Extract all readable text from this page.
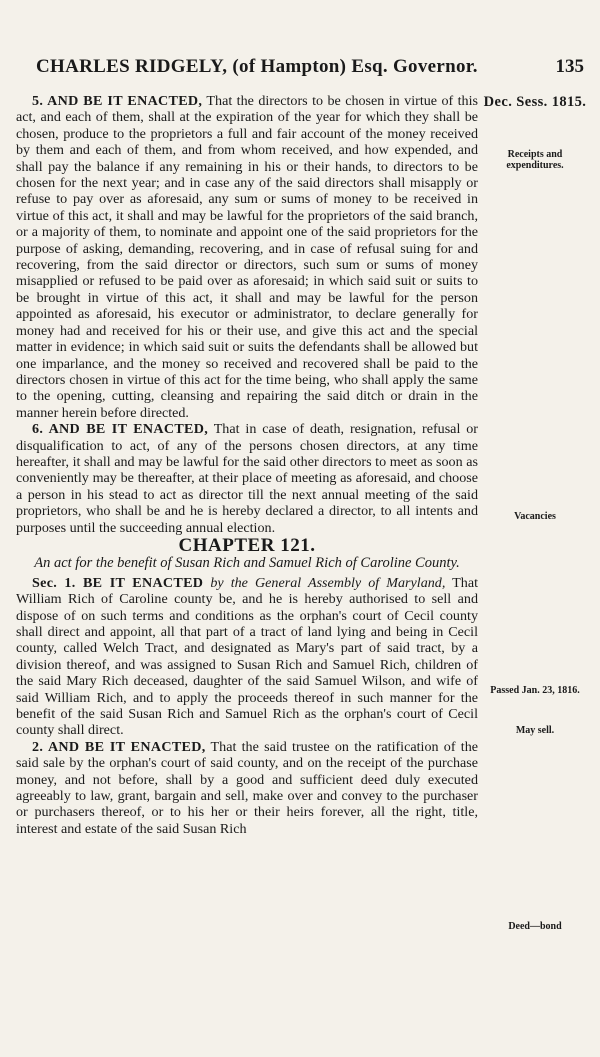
CHARLES RIDGELY, (of Hampton) Esq. Governor.	135

5. AND BE IT ENACTED, That the directors to be chosen in virtue of this act, and each of them, shall at the expiration of the year for which they shall be chosen, produce to the proprietors a full and fair account of the money received by them and each of them, and from whom received, and how expended, and shall pay the balance if any remaining in his or their hands, to directors to be chosen for the next year; and in case any of the said directors shall misapply or refuse to pay over as aforesaid, any sum or sums of money to be received in virtue of this act, it shall and may be lawful for the proprietors of the said branch, or a majority of them, to nominate and appoint one of the said proprietors for the purpose of asking, demanding, recovering, and in case of refusal suing for and recovering, from the said director or directors, such sum or sums of money misapplied or refused to be paid over as aforesaid; in which said suit or suits to be brought in virtue of this act, it shall and may be lawful for the person appointed as aforesaid, his executor or administrator, to declare generally for money had and received for his or their use, and give this act and the special matter in evidence; in which said suit or suits the defendants shall be allowed but one imparlance, and the money so received and recovered shall be paid to the directors chosen in virtue of this act for the time being, who shall apply the same to the opening, cutting, cleansing and repairing the said ditch or drain in the manner herein before directed.

6. AND BE IT ENACTED, That in case of death, resignation, refusal or disqualification to act, of any of the persons chosen directors, at any time hereafter, it shall and may be lawful for the said other directors to meet as soon as conveniently may be thereafter, at their place of meeting as aforesaid, and choose a person in his stead to act as director till the next annual meeting of the said proprietors, who shall be and he is hereby declared a director, to all intents and purposes until the succeeding annual election.

CHAPTER 121.
An act for the benefit of Susan Rich and Samuel Rich of Caroline County.

Sec. 1. BE IT ENACTED by the General Assembly of Maryland, That William Rich of Caroline county be, and he is hereby authorised to sell and dispose of on such terms and conditions as the orphan's court of Cecil county shall direct and appoint, all that part of a tract of land lying and being in Cecil county, called Welch Tract, and designated as Mary's part of said tract, by a division thereof, and was assigned to Susan Rich and Samuel Rich, children of the said Mary Rich deceased, daughter of the said Samuel Wilson, and wife of said William Rich, and to apply the proceeds thereof in such manner for the benefit of the said Susan Rich and Samuel Rich as the orphan's court of Cecil county shall direct.

2. AND BE IT ENACTED, That the said trustee on the ratification of the said sale by the orphan's court of said county, and on the receipt of the purchase money, and not before, shall by a good and sufficient deed duly executed agreeably to law, grant, bargain and sell, make over and convey to the purchaser or purchasers thereof, or to his her or their heirs forever, all the right, title, interest and estate of the said Susan Rich

Dec. Sess. 1815.
Receipts and expenditures.
Vacancies
Passed Jan. 23, 1816.
May sell.
Deed—bond
